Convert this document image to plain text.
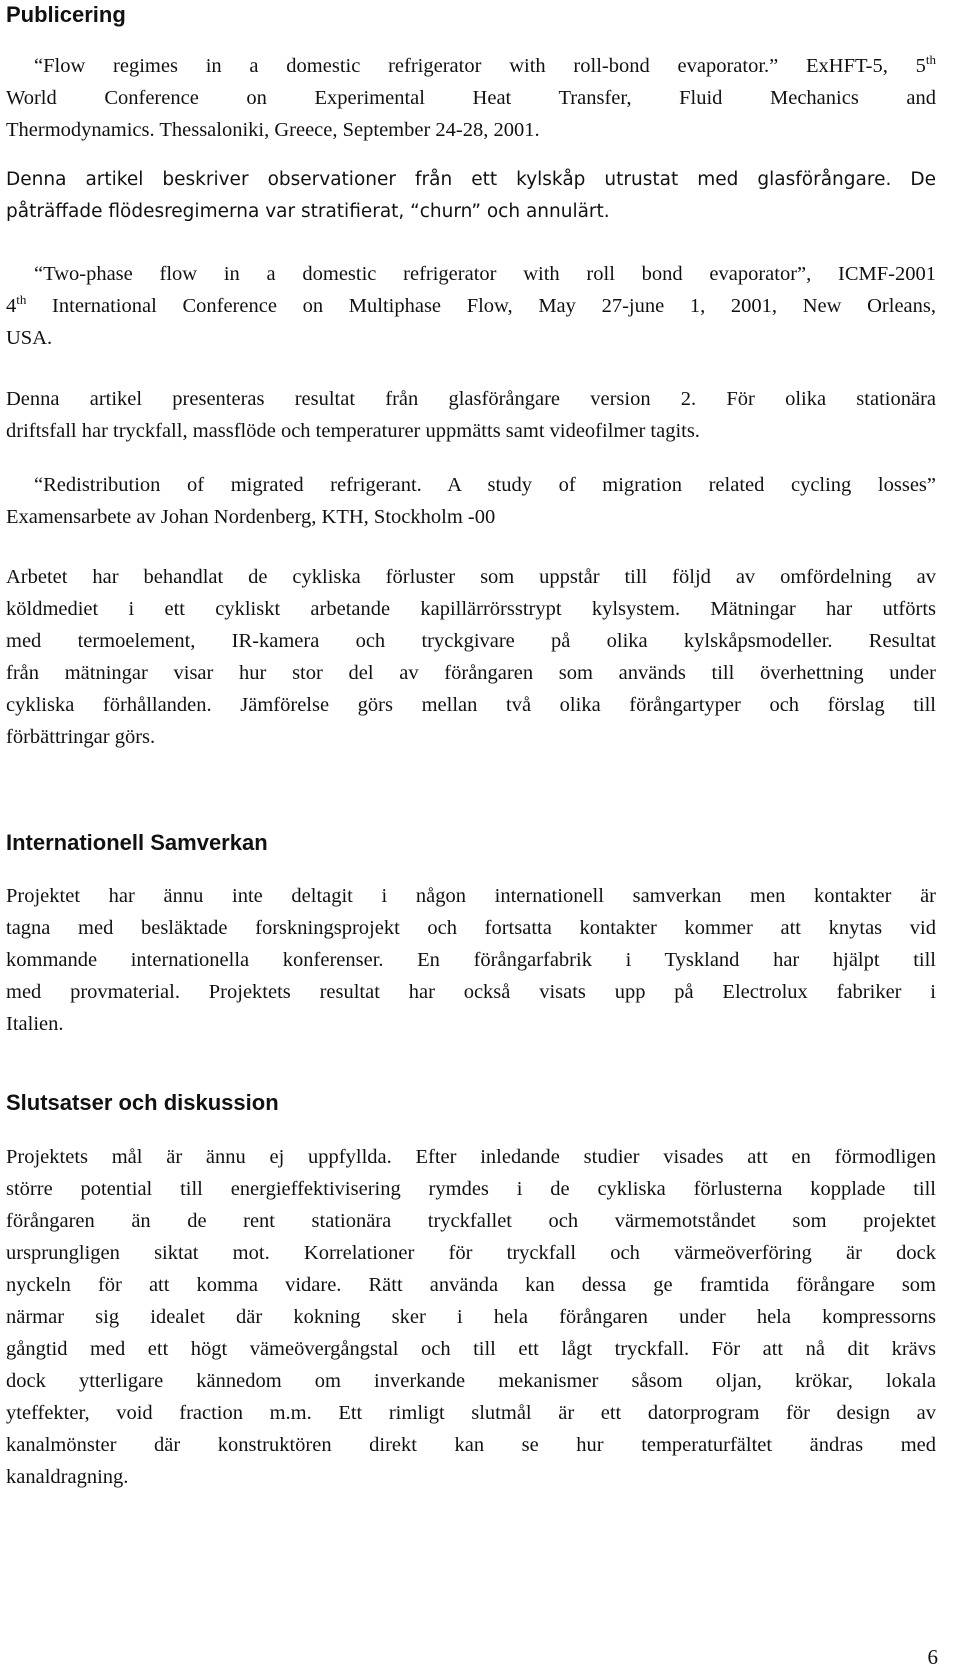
Publicering
“Flow regimes in a domestic refrigerator with roll-bond evaporator.” ExHFT-5, 5th
World Conference on Experimental Heat Transfer, Fluid Mechanics and
Thermodynamics. Thessaloniki, Greece, September 24-28, 2001.
Denna artikel beskriver observationer från ett kylskåp utrustat med glasförångare. De
påträffade flödesregimerna var stratifierat, “churn” och annulärt.
“Two-phase flow in a domestic refrigerator with roll bond evaporator”, ICMF-2001
4th International Conference on Multiphase Flow, May 27-june 1, 2001, New Orleans,
USA.
Denna artikel presenteras resultat från glasförångare version 2. För olika stationära
driftsfall har tryckfall, massflöde och temperaturer uppmätts samt videofilmer tagits.
“Redistribution of migrated refrigerant. A study of migration related cycling losses”
Examensarbete av Johan Nordenberg, KTH, Stockholm -00
Arbetet har behandlat de cykliska förluster som uppstår till följd av omfördelning av
köldmediet i ett cykliskt arbetande kapillärrörsstrypt kylsystem. Mätningar har utförts
med termoelement, IR-kamera och tryckgivare på olika kylskåpsmodeller. Resultat
från mätningar visar hur stor del av förångaren som används till överhettning under
cykliska förhållanden. Jämförelse görs mellan två olika förångartyper och förslag till
förbättringar görs.
Internationell Samverkan
Projektet har ännu inte deltagit i någon internationell samverkan men kontakter är
tagna med besläktade forskningsprojekt och fortsatta kontakter kommer att knytas vid
kommande internationella konferenser. En förångarfabrik i Tyskland har hjälpt till
med provmaterial. Projektets resultat har också visats upp på Electrolux fabriker i
Italien.
Slutsatser och diskussion
Projektets mål är ännu ej uppfyllda. Efter inledande studier visades att en förmodligen
större potential till energieffektivisering rymdes i de cykliska förlusterna kopplade till
förångaren än de rent stationära tryckfallet och värmemotståndet som projektet
ursprungligen siktat mot. Korrelationer för tryckfall och värmeöverföring är dock
nyckeln för att komma vidare. Rätt använda kan dessa ge framtida förångare som
närmar sig idealet där kokning sker i hela förångaren under hela kompressorns
gångtid med ett högt vämeövergångstal och till ett lågt tryckfall. För att nå dit krävs
dock ytterligare kännedom om inverkande mekanismer såsom oljan, krökar, lokala
yteffekter, void fraction m.m. Ett rimligt slutmål är ett datorprogram för design av
kanalmönster där konstruktören direkt kan se hur temperaturfältet ändras med
kanaldragning.
6
